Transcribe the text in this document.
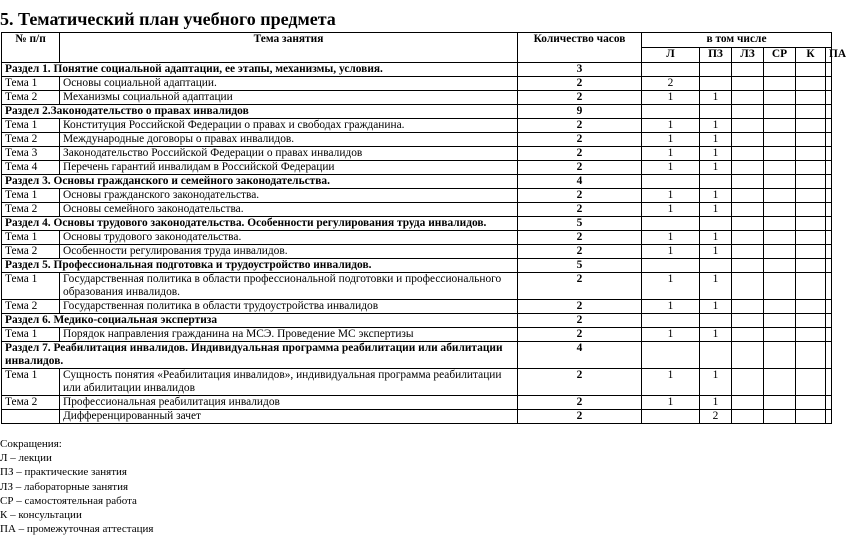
5. Тематический план учебного предмета
№ п/п	Тема занятия	Количество часов	в том числе					
			Л	ПЗ	ЛЗ	СР	К	ПА
Раздел 1. Понятие социальной адаптации, ее этапы, механизмы, условия.		3						
Тема 1	Основы социальной адаптации.	2	2					
Тема 2	Механизмы социальной адаптации	2	1	1				
Раздел 2.Законодательство о правах инвалидов		9						
Тема 1	Конституция Российской Федерации о правах и свободах гражданина.	2	1	1				
Тема 2	Международные договоры о правах инвалидов.	2	1	1				
Тема 3	Законодательство Российской Федерации о правах инвалидов	2	1	1				
Тема 4	Перечень гарантий инвалидам в Российской Федерации	2	1	1				
Раздел 3. Основы гражданского и семейного законодательства.		4						
Тема 1	Основы гражданского законодательства.	2	1	1				
Тема 2	Основы семейного законодательства.	2	1	1				
Раздел 4. Основы трудового законодательства. Особенности регулирования труда инвалидов.		5						
Тема 1	Основы трудового законодательства.	2	1	1				
Тема 2	Особенности регулирования труда инвалидов.	2	1	1				
Раздел 5. Профессиональная подготовка и трудоустройство инвалидов.		5						
Тема 1	Государственная политика в области профессиональной подготовки и профессионального образования инвалидов.	2	1	1				
Тема 2	Государственная политика в области трудоустройства инвалидов	2	1	1				
Раздел 6. Медико-социальная экспертиза		2						
Тема 1	Порядок направления гражданина на МСЭ. Проведение МС экспертизы	2	1	1				
Раздел 7. Реабилитация инвалидов. Индивидуальная программа реабилитации или абилитации инвалидов.		4						
Тема 1	Сущность понятия «Реабилитация инвалидов», индивидуальная программа реабилитации или абилитации инвалидов	2	1	1				
Тема 2	Профессиональная реабилитация инвалидов	2	1	1				
	Дифференцированный зачет	2		2				
Сокращения:
Л – лекции
ПЗ – практические занятия
ЛЗ – лабораторные занятия
СР – самостоятельная работа
К – консультации
ПА – промежуточная аттестация
